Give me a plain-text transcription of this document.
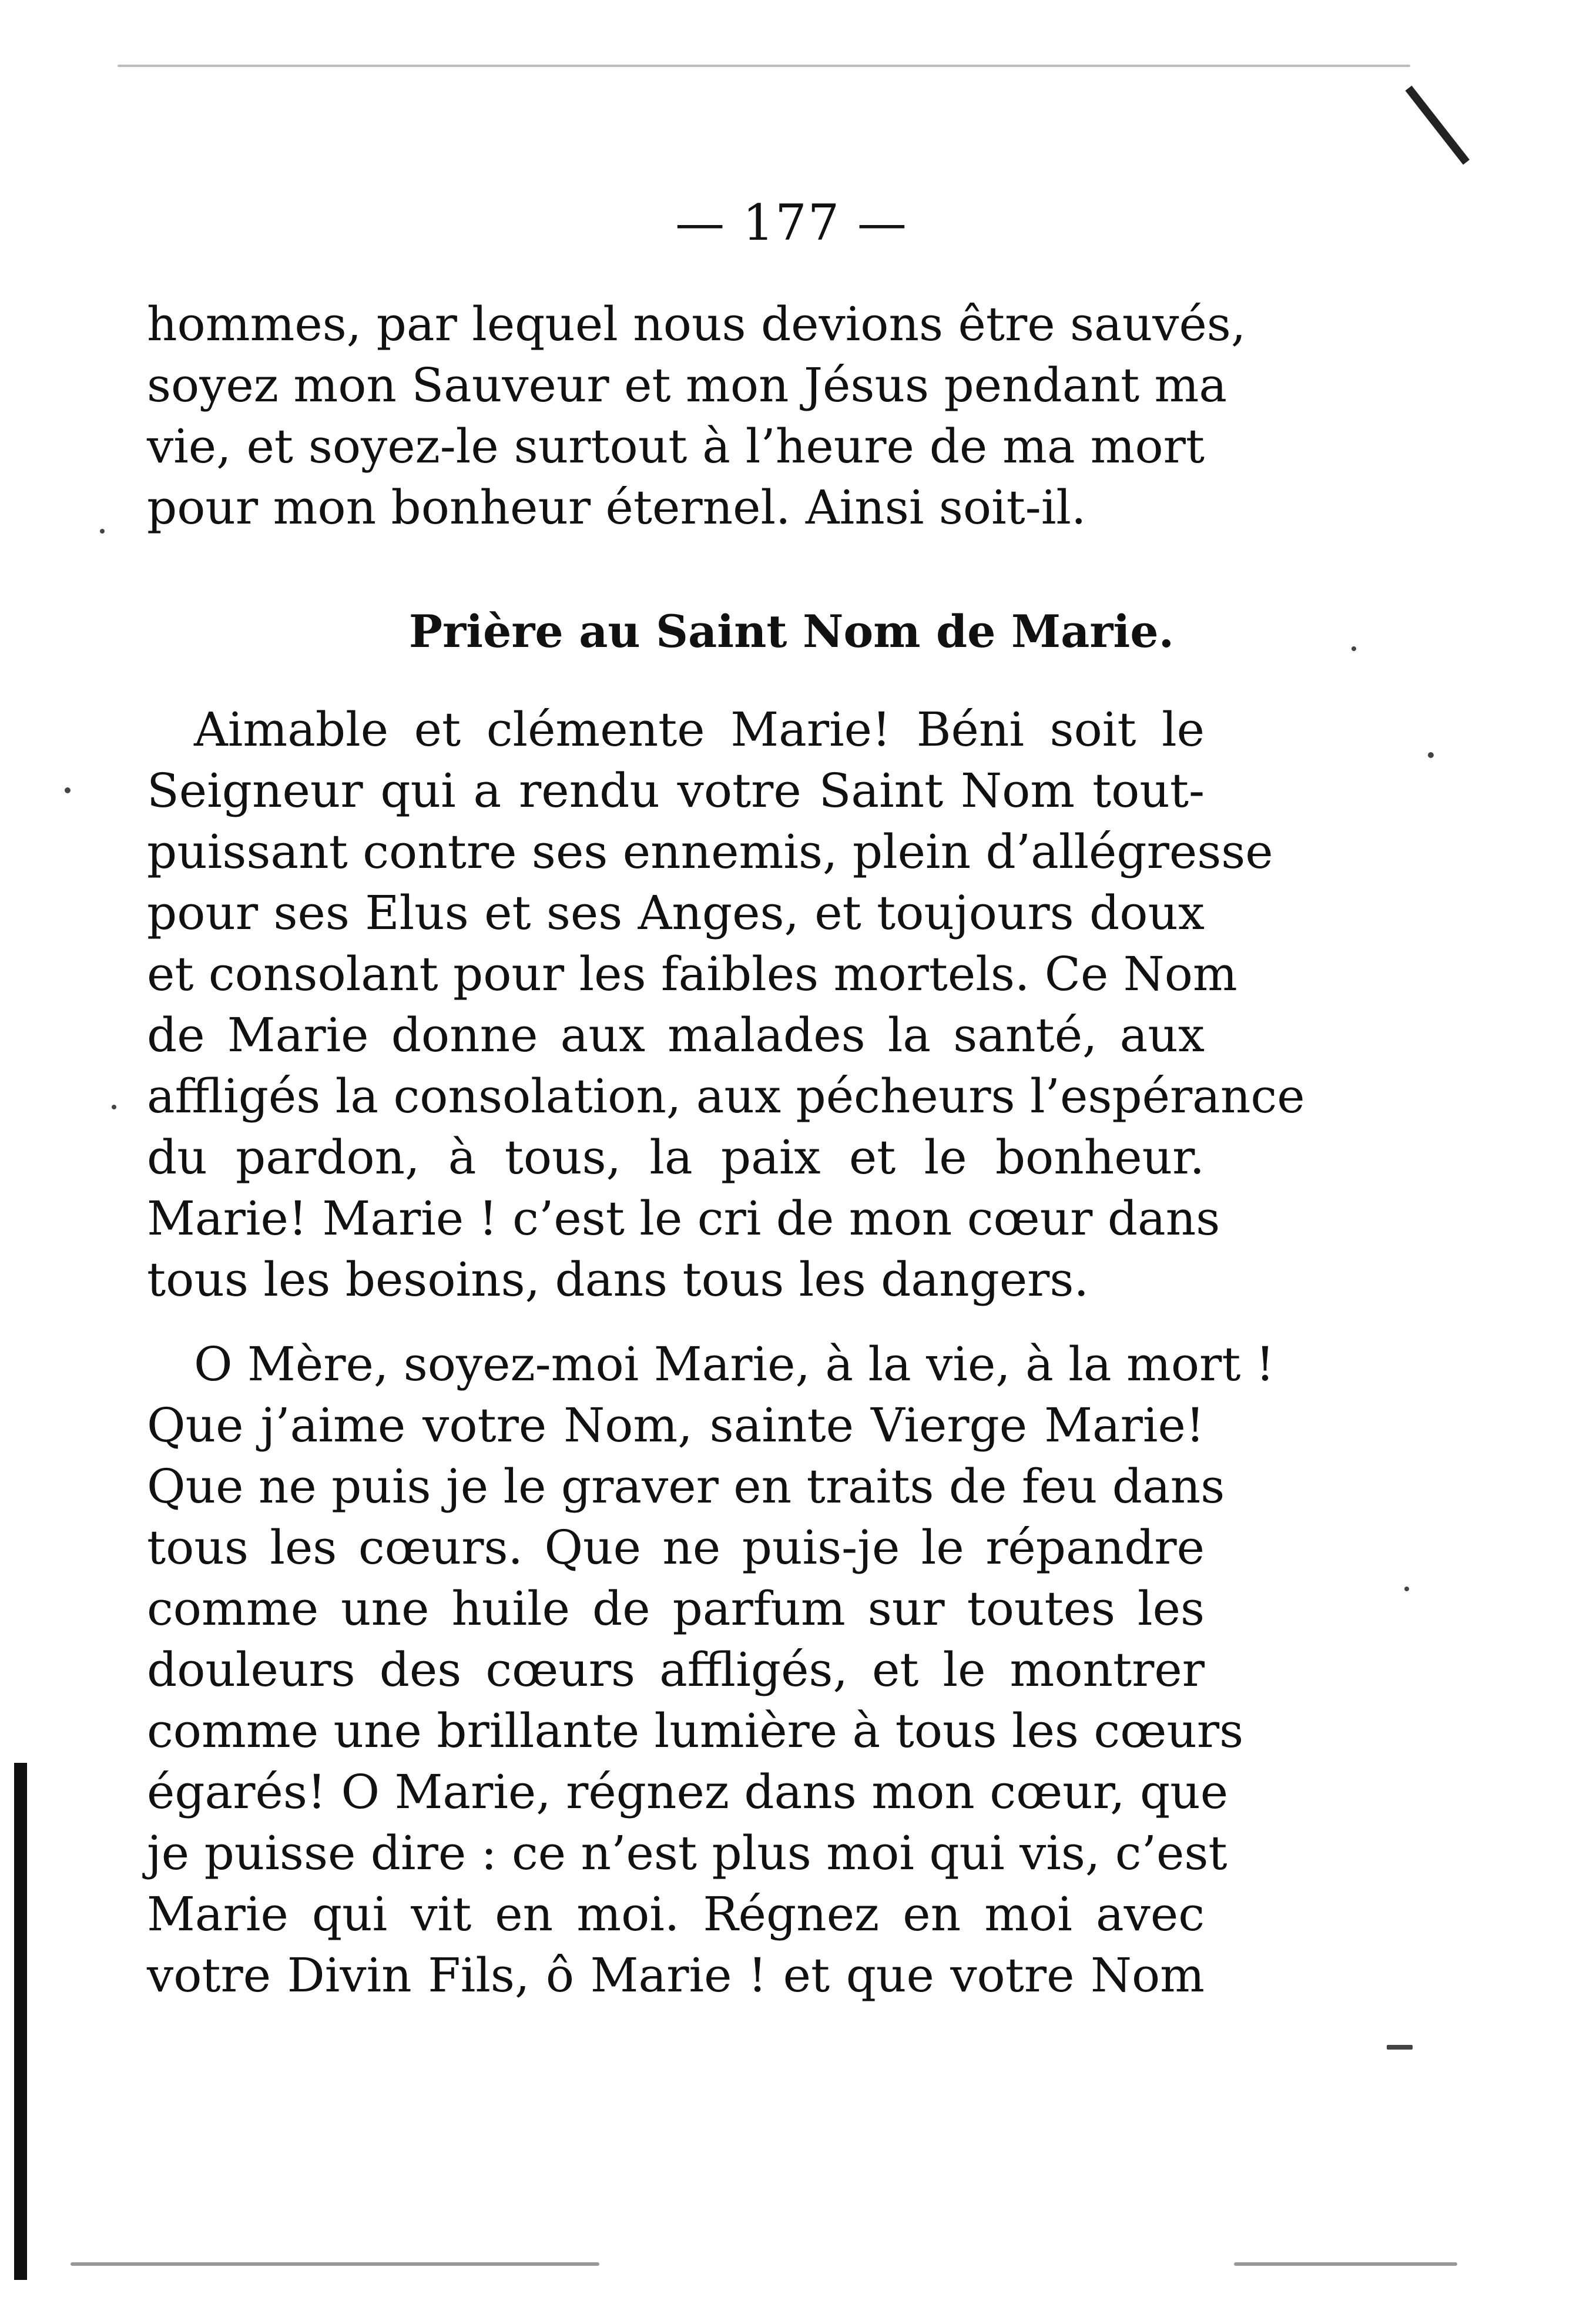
— 177 —
hommes, par lequel nous devions être sauvés,
soyez mon Sauveur et mon Jésus pendant ma
vie, et soyez-le surtout à l’heure de ma mort
pour mon bonheur éternel. Ainsi soit-il.
Prière au Saint Nom de Marie.
Aimable et clémente Marie! Béni soit le
Seigneur qui a rendu votre Saint Nom tout-
puissant contre ses ennemis, plein d’allégresse
pour ses Elus et ses Anges, et toujours doux
et consolant pour les faibles mortels. Ce Nom
de Marie donne aux malades la santé, aux
affligés la consolation, aux pécheurs l’espérance
du pardon, à tous, la paix et le bonheur.
Marie! Marie ! c’est le cri de mon cœur dans
tous les besoins, dans tous les dangers.
O Mère, soyez-moi Marie, à la vie, à la mort !
Que j’aime votre Nom, sainte Vierge Marie!
Que ne puis je le graver en traits de feu dans
tous les cœurs. Que ne puis-je le répandre
comme une huile de parfum sur toutes les
douleurs des cœurs affligés, et le montrer
comme une brillante lumière à tous les cœurs
égarés! O Marie, régnez dans mon cœur, que
je puisse dire : ce n’est plus moi qui vis, c’est
Marie qui vit en moi. Régnez en moi avec
votre Divin Fils, ô Marie ! et que votre Nom
